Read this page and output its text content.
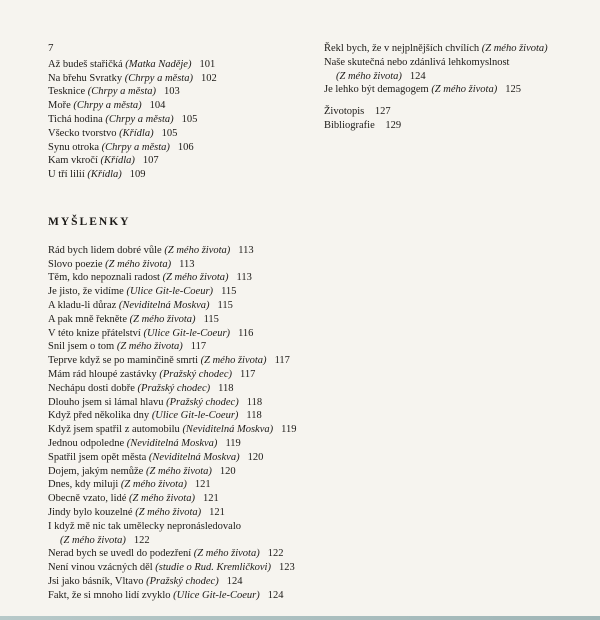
7
Až budeš stařičká (Matka Naděje) 101
Na břehu Svratky (Chrpy a města) 102
Tesknice (Chrpy a města) 103
Moře (Chrpy a města) 104
Tichá hodina (Chrpy a města) 105
Všecko tvorstvo (Křídla) 105
Synu otroka (Chrpy a města) 106
Kam vkročí (Křídla) 107
U tří lilií (Křídla) 109
MYŠLENKY
Rád bych lidem dobré vůle (Z mého života) 113
Slovo poezie (Z mého života) 113
Těm, kdo nepoznali radost (Z mého života) 113
Je jisto, že vidíme (Ulice Git-le-Coeur) 115
A kladu-li důraz (Neviditelná Moskva) 115
A pak mně řekněte (Z mého života) 115
V této knize přátelství (Ulice Git-le-Coeur) 116
Snil jsem o tom (Z mého života) 117
Teprve když se po maminčině smrti (Z mého života) 117
Mám rád hloupé zastávky (Pražský chodec) 117
Nechápu dosti dobře (Pražský chodec) 118
Dlouho jsem si lámal hlavu (Pražský chodec) 118
Když před několika dny (Ulice Git-le-Coeur) 118
Když jsem spatřil z automobilu (Neviditelná Moskva) 119
Jednou odpoledne (Neviditelná Moskva) 119
Spatřil jsem opět města (Neviditelná Moskva) 120
Dojem, jakým nemůže (Z mého života) 120
Dnes, kdy miluji (Z mého života) 121
Obecně vzato, lidé (Z mého života) 121
Jindy bylo kouzelné (Z mého života) 121
I když mě nic tak umělecky nepronásledovalo
(Z mého života) 122
Nerad bych se uvedl do podezření (Z mého života) 122
Není vinou vzácných děl (studie o Rud. Kremličkovi) 123
Jsi jako básník, Vltavo (Pražský chodec) 124
Fakt, že si mnoho lidí zvyklo (Ulice Git-le-Coeur) 124
Řekl bych, že v nejplnějších chvílích (Z mého života)
Naše skutečná nebo zdánlivá lehkomyslnost
(Z mého života) 124
Je lehko být demagogem (Z mého života) 125
Životopis 127
Bibliografie 129
